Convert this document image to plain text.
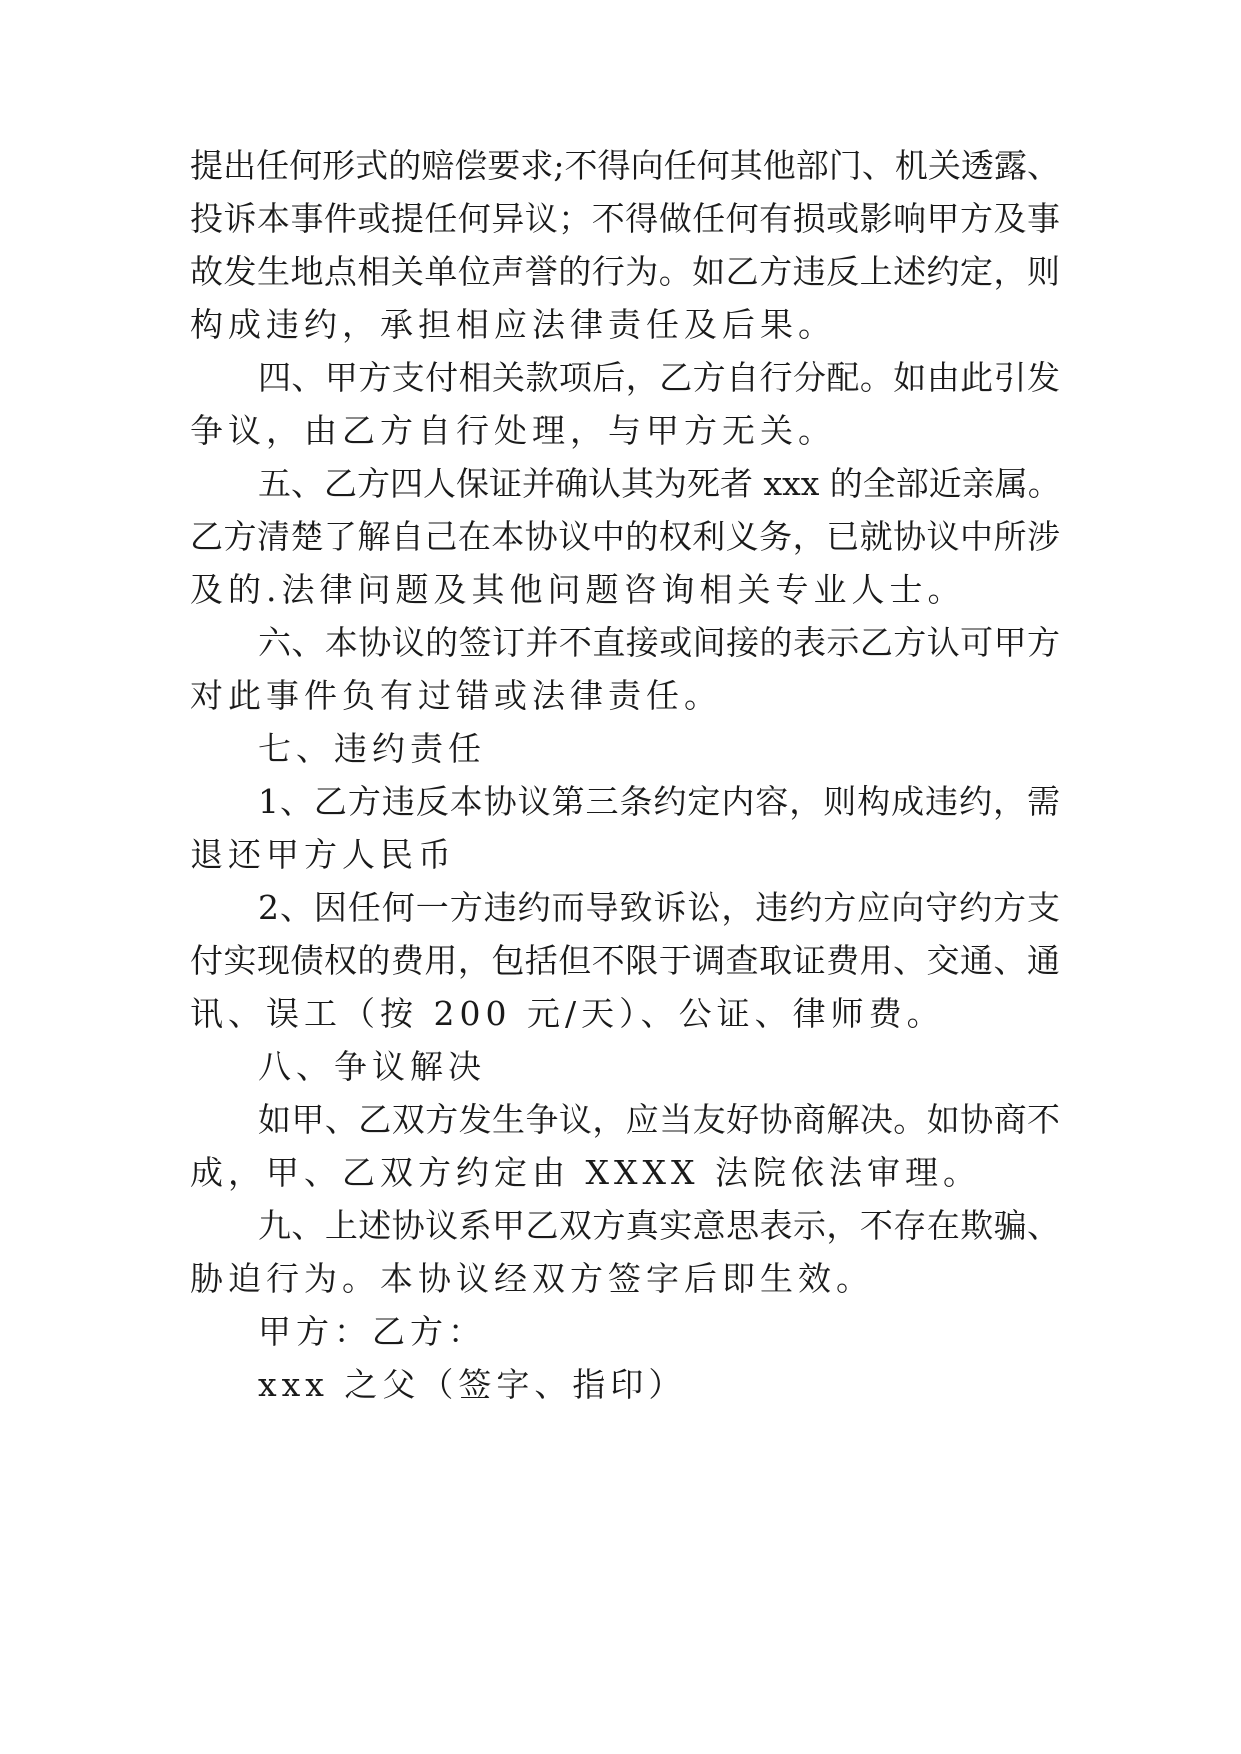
提出任何形式的赔偿要求;不得向任何其他部门、机关透露、
投诉本事件或提任何异议；不得做任何有损或影响甲方及事
故发生地点相关单位声誉的行为。如乙方违反上述约定，则
构成违约，承担相应法律责任及后果。
四、甲方支付相关款项后，乙方自行分配。如由此引发
争议，由乙方自行处理，与甲方无关。
五、乙方四人保证并确认其为死者 xxx 的全部近亲属。
乙方清楚了解自己在本协议中的权利义务，已就协议中所涉
及的.法律问题及其他问题咨询相关专业人士。
六、本协议的签订并不直接或间接的表示乙方认可甲方
对此事件负有过错或法律责任。
七、违约责任
1、乙方违反本协议第三条约定内容，则构成违约，需
退还甲方人民币
2、因任何一方违约而导致诉讼，违约方应向守约方支
付实现债权的费用，包括但不限于调查取证费用、交通、通
讯、误工（按 200 元/天）、公证、律师费。
八、争议解决
如甲、乙双方发生争议，应当友好协商解决。如协商不
成，甲、乙双方约定由 XXXX 法院依法审理。
九、上述协议系甲乙双方真实意思表示，不存在欺骗、
胁迫行为。本协议经双方签字后即生效。
甲方：乙方：
xxx 之父（签字、指印）
